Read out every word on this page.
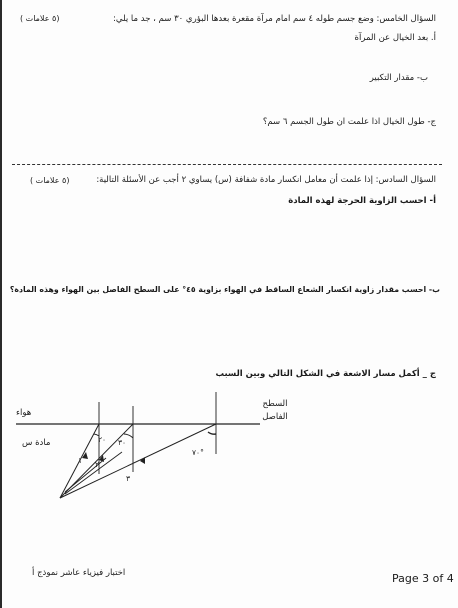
السؤال الخامس: وضع جسم طوله ٤ سم امام مرآة مقعرة بعدها البؤري ٣٠ سم ، جد ما يلي:
( ٥ علامات)
أ. بعد الخيال عن المرآة
ب- مقدار التكبير
ج- طول الخيال اذا علمت ان طول الجسم ٦ سم؟
السؤال السادس: إذا علمت أن معامل انكسار مادة شفافة (س) يساوي ٢ أجب عن الأسئلة التالية:
( ٥ علامات)
أ- احسب الزاوية الحرجة لهذه المادة
ب- احسب مقدار زاوية انكسار الشعاع الساقط في الهواء بزاوية ٤٥° على السطح الفاصل بين الهواء وهذه المادة؟
ج _ أكمل مسار الاشعة في الشكل التالي وبين السبب
هواء
مادة س
السطح الفاصل
٢٠ ٣٠
٧٠°
١ ٢
٣
اختبار فيزياء عاشر نموذج أ	Page 3 of 4
